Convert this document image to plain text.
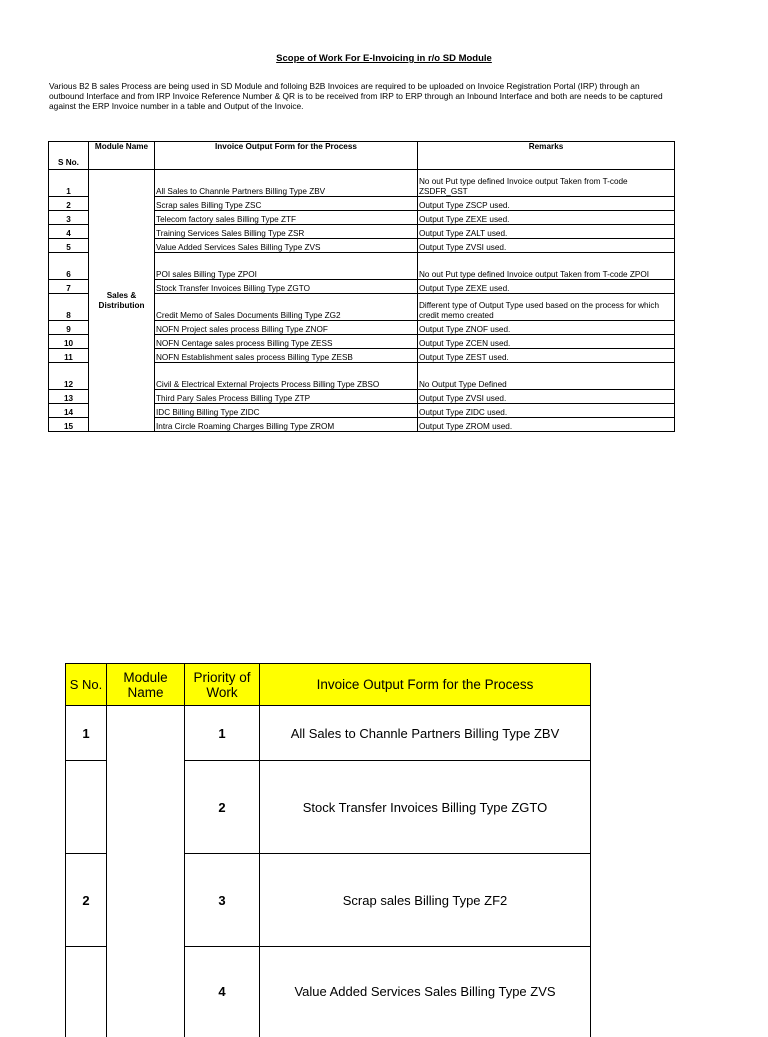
Scope of Work For E-Invoicing in r/o SD Module
Various B2 B sales Process are being used in SD Module and folloing B2B Invoices are required to be uploaded on Invoice Registration Portal (IRP) through an outbound Interface and from IRP Invoice Reference Number & QR is to be received from IRP to ERP through an Inbound Interface and both are needs to be captured against the ERP Invoice number in a table and Output of the Invoice.
S No.	Module Name	Invoice Output Form for the Process	Remarks
1	Sales & Distribution	All Sales to Channle Partners Billing Type ZBV	No out Put type defined Invoice output Taken from T-code ZSDFR_GST
2		Scrap sales Billing Type ZSC	Output Type ZSCP used.
3		Telecom factory sales Billing Type ZTF	Output Type ZEXE used.
4		Training Services Sales Billing Type ZSR	Output Type ZALT used.
5		Value Added Services Sales Billing Type ZVS	Output Type ZVSI used.
6		POI sales Billing Type ZPOI	No out Put type defined Invoice output Taken from T-code ZPOI
7		Stock Transfer Invoices Billing Type ZGTO	Output Type ZEXE used.
8		Credit Memo of Sales Documents Billing Type ZG2	Different type of Output Type used based on the process for which credit memo created
9		NOFN Project sales process Billing Type ZNOF	Output Type ZNOF used.
10		NOFN Centage sales process Billing Type ZESS	Output Type ZCEN used.
11		NOFN Establishment sales process Billing Type ZESB	Output Type ZEST used.
12		Civil & Electrical External Projects Process Billing Type ZBSO	No Output Type Defined
13		Third Pary Sales Process Billing Type ZTP	Output Type ZVSI used.
14		IDC Billing Billing Type ZIDC	Output Type ZIDC used.
15		Intra Circle Roaming Charges Billing Type ZROM	Output Type ZROM used.
S No.	Module Name	Priority of Work	Invoice Output Form for the Process
1		1	All Sales to Channle Partners Billing Type ZBV
		2	Stock Transfer Invoices Billing Type ZGTO
2		3	Scrap sales Billing Type ZF2
		4	Value Added Services Sales Billing Type ZVS
